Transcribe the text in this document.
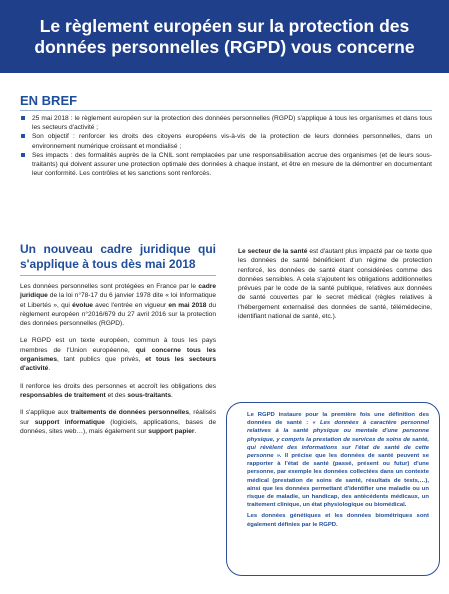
Le règlement européen sur la protection des
données personnelles (RGPD) vous concerne
EN BREF
25 mai 2018 : le règlement européen sur la protection des données personnelles (RGPD) s'applique à tous les organismes et dans tous les secteurs d'activité ;
Son objectif : renforcer les droits des citoyens européens vis-à-vis de la protection de leurs données personnelles, dans un environnement numérique croissant et mondialisé ;
Ses impacts : des formalités auprès de la CNIL sont remplacées par une responsabilisation accrue des organismes (et de leurs sous-traitants) qui doivent assurer une protection optimale des données à chaque instant, et être en mesure de la démontrer en documentant leur conformité. Les contrôles et les sanctions sont renforcés.
Un nouveau cadre juridique qui s'applique à tous dès mai 2018

Les données personnelles sont protégées en France par le cadre juridique de la loi n°78-17 du 6 janvier 1978 dite « loi Informatique et Libertés », qui évolue avec l'entrée en vigueur en mai 2018 du règlement européen n°2016/679 du 27 avril 2016 sur la protection des données personnelles (RGPD).

Le RGPD est un texte européen, commun à tous les pays membres de l'Union européenne, qui concerne tous les organismes, tant publics que privés, et tous les secteurs d'activité.

Il renforce les droits des personnes et accroît les obligations des responsables de traitement et des sous-traitants.

Il s'applique aux traitements de données personnelles, réalisés sur support informatique (logiciels, applications, bases de données, sites web…), mais également sur support papier.

Le secteur de la santé est d'autant plus impacté par ce texte que les données de santé bénéficient d'un régime de protection renforcé, les données de santé étant considérées comme des données sensibles. A cela s'ajoutent les obligations additionnelles prévues par le code de la santé publique, relatives aux données de santé couvertes par le secret médical (règles relatives à l'hébergement externalisé des données de santé, télémédecine, identifiant national de santé, etc.).

Le RGPD instaure pour la première fois une définition des données de santé : « Les données à caractère personnel relatives à la santé physique ou mentale d'une personne physique, y compris la prestation de services de soins de santé, qui révèlent des informations sur l'état de santé de cette personne ». Il précise que les données de santé peuvent se rapporter à l'état de santé (passé, présent ou futur) d'une personne, par exemple les données collectées dans un contexte médical (prestation de soins de santé, résultats de tests,…), ainsi que les données permettant d'identifier une maladie ou un risque de maladie, un handicap, des antécédents médicaux, un traitement clinique, un état physiologique ou biomédical.

Les données génétiques et les données biométriques sont également définies par le RGPD.
